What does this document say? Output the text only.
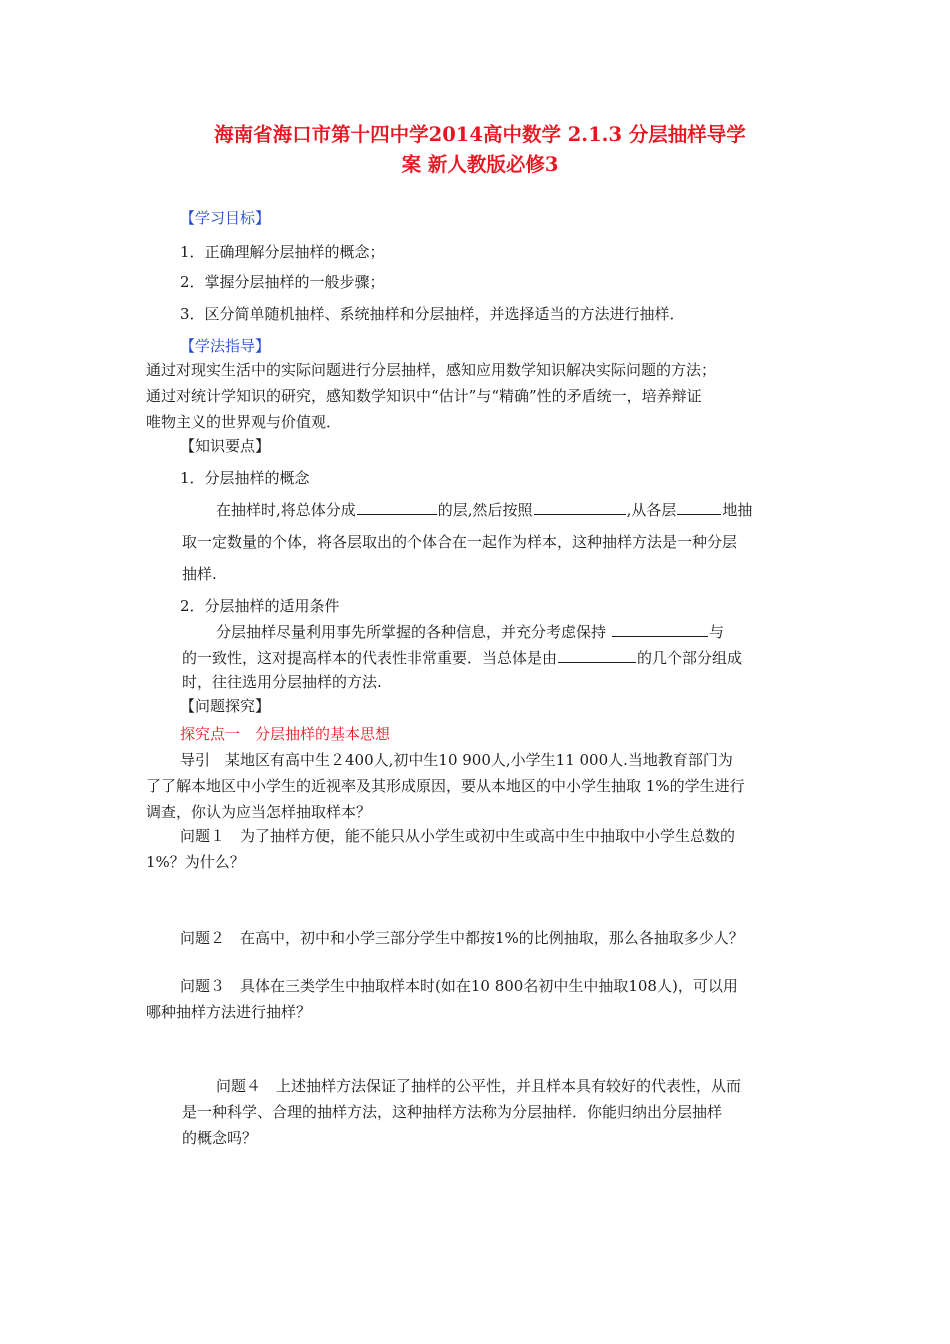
海南省海口市第十四中学2014高中数学 2.1.3 分层抽样导学
案 新人教版必修3
【学习目标】
1．正确理解分层抽样的概念；
2．掌握分层抽样的一般步骤；
3．区分简单随机抽样、系统抽样和分层抽样，并选择适当的方法进行抽样．
【学法指导】
通过对现实生活中的实际问题进行分层抽样，感知应用数学知识解决实际问题的方法；
通过对统计学知识的研究，感知数学知识中“估计”与“精确”性的矛盾统一，培养辩证
唯物主义的世界观与价值观．
【知识要点】
1．分层抽样的概念
在抽样时,将总体分成	的层,然后按照	,从各层	地抽
取一定数量的个体，将各层取出的个体合在一起作为样本，这种抽样方法是一种分层
抽样.
2．分层抽样的适用条件
分层抽样尽量利用事先所掌握的各种信息，并充分考虑保持	与
的一致性，这对提高样本的代表性非常重要．当总体是由	的几个部分组成
时，往往选用分层抽样的方法.
【问题探究】
探究点一　分层抽样的基本思想
导引　某地区有高中生２400人,初中生10 900人,小学生11 000人.当地教育部门为
了了解本地区中小学生的近视率及其形成原因，要从本地区的中小学生抽取 1%的学生进行
调查，你认为应当怎样抽取样本？
问题１　为了抽样方便，能不能只从小学生或初中生或高中生中抽取中小学生总数的
1%？为什么？
问题２　在高中，初中和小学三部分学生中都按1%的比例抽取，那么各抽取多少人？
问题３　具体在三类学生中抽取样本时(如在10 800名初中生中抽取108人)，可以用
哪种抽样方法进行抽样？
问题４　上述抽样方法保证了抽样的公平性，并且样本具有较好的代表性，从而
是一种科学、合理的抽样方法，这种抽样方法称为分层抽样．你能归纳出分层抽样
的概念吗？
